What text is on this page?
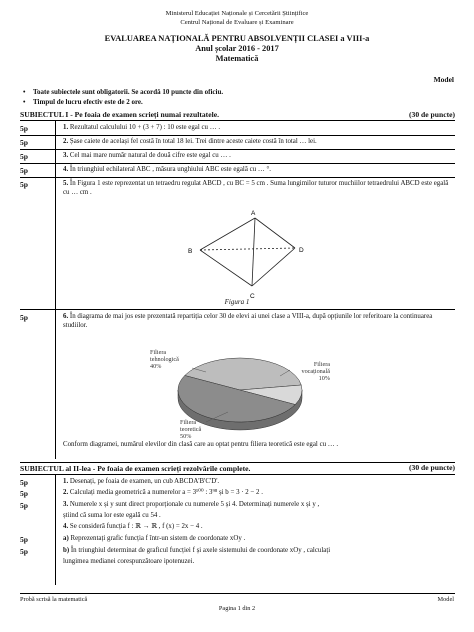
Ministerul Educației Naționale și Cercetării Științifice
Centrul Național de Evaluare și Examinare
EVALUAREA NAȚIONALĂ PENTRU ABSOLVENȚII CLASEI a VIII-a
Anul școlar 2016 - 2017
Matematică
Model
• Toate subiectele sunt obligatorii. Se acordă 10 puncte din oficiu.
• Timpul de lucru efectiv este de 2 ore.
SUBIECTUL I - Pe foaia de examen scrieți numai rezultatele.	(30 de puncte)
5p	1. Rezultatul calculului 10 + (3 + 7) : 10 este egal cu … .
5p	2. Șase caiete de același fel costă în total 18 lei. Trei dintre aceste caiete costă în total … lei.
5p	3. Cel mai mare număr natural de două cifre este egal cu … .
5p	4. În triunghiul echilateral ABC , măsura unghiului ABC este egală cu … °.
5p	5. În Figura 1 este reprezentat un tetraedru regulat ABCD , cu BC = 5 cm . Suma lungimilor tuturor muchiilor tetraedrului ABCD este egală cu … cm .
A
B
C
D
Figura 1
5p	6. În diagrama de mai jos este prezentată repartiția celor 30 de elevi ai unei clase a VIII-a, după opțiunile lor referitoare la continuarea studiilor.
Filiera
tehnologică
40%	Filiera
vocațională
10%
Filiera
teoretică
50%
Conform diagramei, numărul elevilor din clasă care au optat pentru filiera teoretică este egal cu … .
SUBIECTUL al II-lea - Pe foaia de examen scrieți rezolvările complete.	(30 de puncte)
5p	1. Desenați, pe foaia de examen, un cub ABCDA'B'C'D'.
5p	2. Calculați media geometrică a numerelor a = 3¹⁰⁰ : 3⁹⁸ și b = 3 · 2 − 2 .
5p	3. Numerele x și y sunt direct proporționale cu numerele 5 și 4. Determinați numerele x și y ,
știind că suma lor este egală cu 54 .
4. Se consideră funcția f : ℝ → ℝ , f (x) = 2x − 4 .
5p	a) Reprezentați grafic funcția f într-un sistem de coordonate xOy .
5p	b) În triunghiul determinat de graficul funcției f și axele sistemului de coordonate xOy , calculați
lungimea medianei corespunzătoare ipotenuzei.
Probă scrisă la matematică	Model
Pagina 1 din 2
